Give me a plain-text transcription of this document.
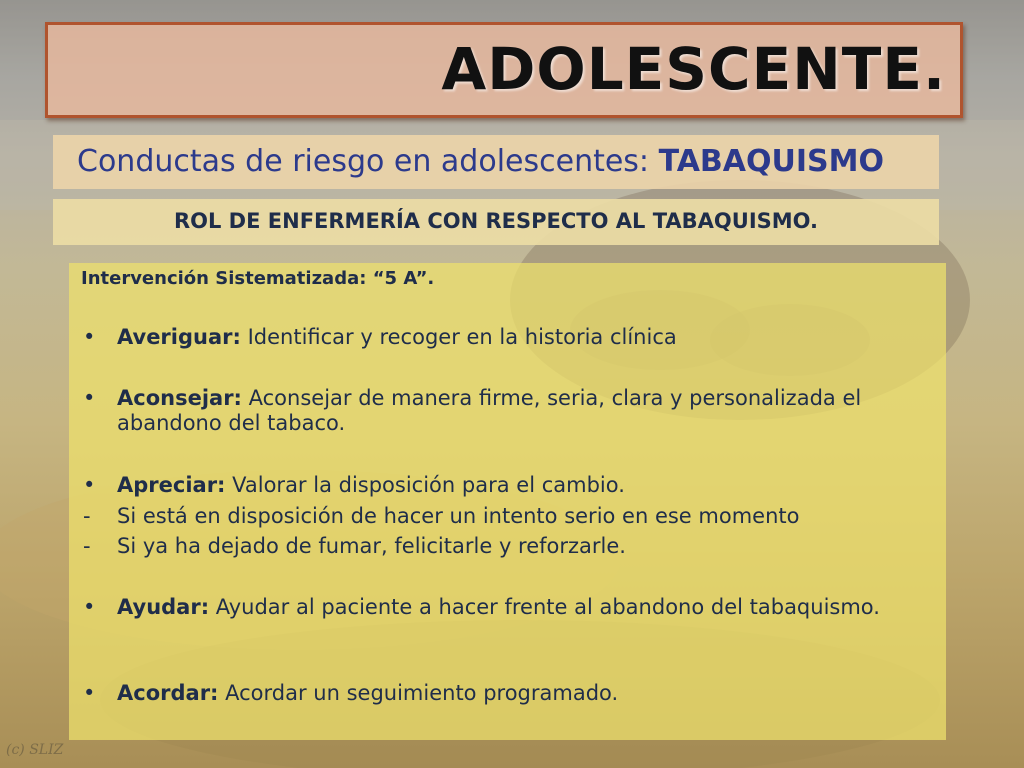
ADOLESCENTE.
Conductas de riesgo en adolescentes: TABAQUISMO
ROL DE ENFERMERÍA CON RESPECTO AL TABAQUISMO.
Intervención Sistematizada: “5 A”.
•	Averiguar: Identificar y recoger en la historia clínica
•	Aconsejar: Aconsejar de manera firme, seria, clara y personalizada el abandono del tabaco.
•	Apreciar: Valorar la disposición para el cambio.
-	Si está en disposición de hacer un intento serio en ese momento
-	Si ya ha dejado de fumar, felicitarle y reforzarle.
•	Ayudar: Ayudar al paciente a hacer frente al abandono del tabaquismo.
•	Acordar: Acordar un seguimiento programado.
(c) SLIZ
